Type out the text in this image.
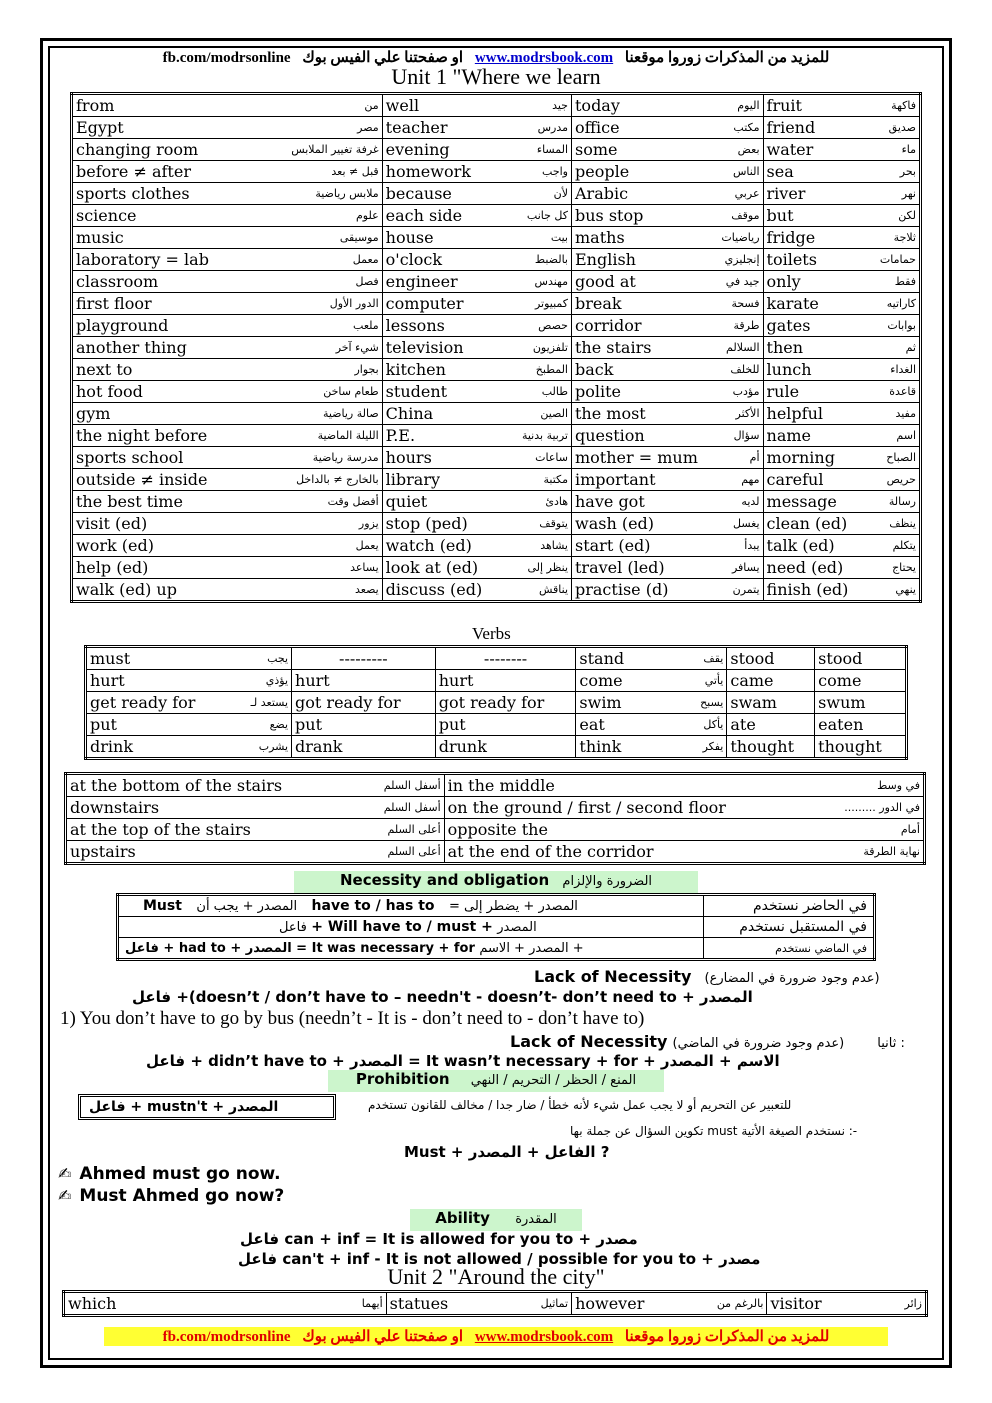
fb.com/modrsonline او صفحتنا علي الفيس بوك www.modrsbook.com للمزيد من المذكرات زوروا موقعنا
Unit 1 "Where we learn
from من	well جيد	today اليوم	fruit فاكهة

Egypt مصر	teacher مدرس	office مكتب	friend صديق

changing room غرفة تغيير الملابس	evening المساء	some بعض	water ماء

before ≠ after قبل ≠ بعد	homework واجب	people الناس	sea بحر

sports clothes ملابس رياضية	because لأن	Arabic عربي	river نهر

science علوم	each side كل جانب	bus stop موقف	but لكن

music موسيقى	house بيت	maths رياضيات	fridge ثلاجة

laboratory = lab معمل	o'clock بالضبط	English إنجليزي	toilets حمامات

classroom فصل	engineer مهندس	good at جيد في	only فقط

first floor الدور الأول	computer كمبيوتر	break فسحة	karate كاراتيه

playground ملعب	lessons حصص	corridor طرقة	gates بوابات

another thing شيء آخر	television تلفزيون	the stairs السلالم	then ثم

next to بجوار	kitchen المطبخ	back للخلف	lunch الغداء

hot food طعام ساخن	student طالب	polite مؤدب	rule قاعدة

gym صالة رياضية	China الصين	the most الأكثر	helpful مفيد

the night before الليلة الماضية	P.E. تربية بدنية	question سؤال	name اسم

sports school مدرسة رياضية	hours ساعات	mother = mum أم	morning الصباح

outside ≠ inside بالخارج ≠ بالداخل	library مكتبة	important مهم	careful حريص

the best time أفضل وقت	quiet هادئ	have got لديه	message رسالة

visit (ed) يزور	stop (ped) يتوقف	wash (ed) يغسل	clean (ed) ينظف

work (ed) يعمل	watch (ed) يشاهد	start (ed) يبدأ	talk (ed) يتكلم

help (ed) يساعد	look at (ed) ينظر إلى	travel (led) يسافر	need (ed) يحتاج

walk (ed) up يصعد	discuss (ed) يناقش	practise (d) يتمرن	finish (ed) ينهي
Verbs
must يجب	---------	--------	stand يقف	stood	stood

hurt يؤذي	hurt	hurt	come يأتي	came	come

get ready for يستعد لـ	got ready for	got ready for	swim يسبح	swam	swum

put يضع	put	put	eat يأكل	ate	eaten

drink يشرب	drank	drunk	think يفكر	thought	thought
at the bottom of the stairs أسفل السلم	in the middle في وسط

downstairs أسفل السلم	on the ground / first / second floor في الدور .........

at the top of the stairs أعلى السلم	opposite the أمام

upstairs أعلى السلم	at the end of the corridor نهاية الطرقة
Necessity and obligation الضرورة والإلزام
Must المصدر + يجب أن have to / has to = المصدر + يضطر إلى	في الحاضر نستخدم
فاعل + Will have to / must + المصدر	في المستقبل نستخدم
فاعل + had to + المصدر = It was necessary + for المصدر + الاسم +	في الماضي نستخدم
Lack of Necessity (عدم وجود ضرورة في المضارع)
فاعل +(doesn’t / don’t have to – needn't - doesn’t- don’t need to + المصدر
1) You don’t have to go by bus (needn’t - It is - don’t need to - don’t have to)
Lack of Necessity (عدم وجود ضرورة في الماضي)	ثانيا :
فاعل + didn’t have to + المصدر = It wasn’t necessary + for + الاسم + المصدر
Prohibition المنع / الحظر / التحريم / النهي
فاعل + mustn't + المصدر	للتعبير عن التحريم أو لا يجب عمل شيء لأنه خطأ / ضار جدا / مخالف للقانون تستخدم
تكوين السؤال عن جملة بها must نستخدم الصيغة الأتية :-
Must + الفاعل + المصدر ?
✍ Ahmed must go now.
✍ Must Ahmed go now?
Ability المقدرة
فاعل can + inf = It is allowed for you to + مصدر
فاعل can't + inf - It is not allowed / possible for you to + مصدر
Unit 2 "Around the city"
which	أيهما	statues	تماثيل	however	بالرغم من	visitor	زائر
fb.com/modrsonline او صفحتنا علي الفيس بوك www.modrsbook.com للمزيد من المذكرات زوروا موقعنا
